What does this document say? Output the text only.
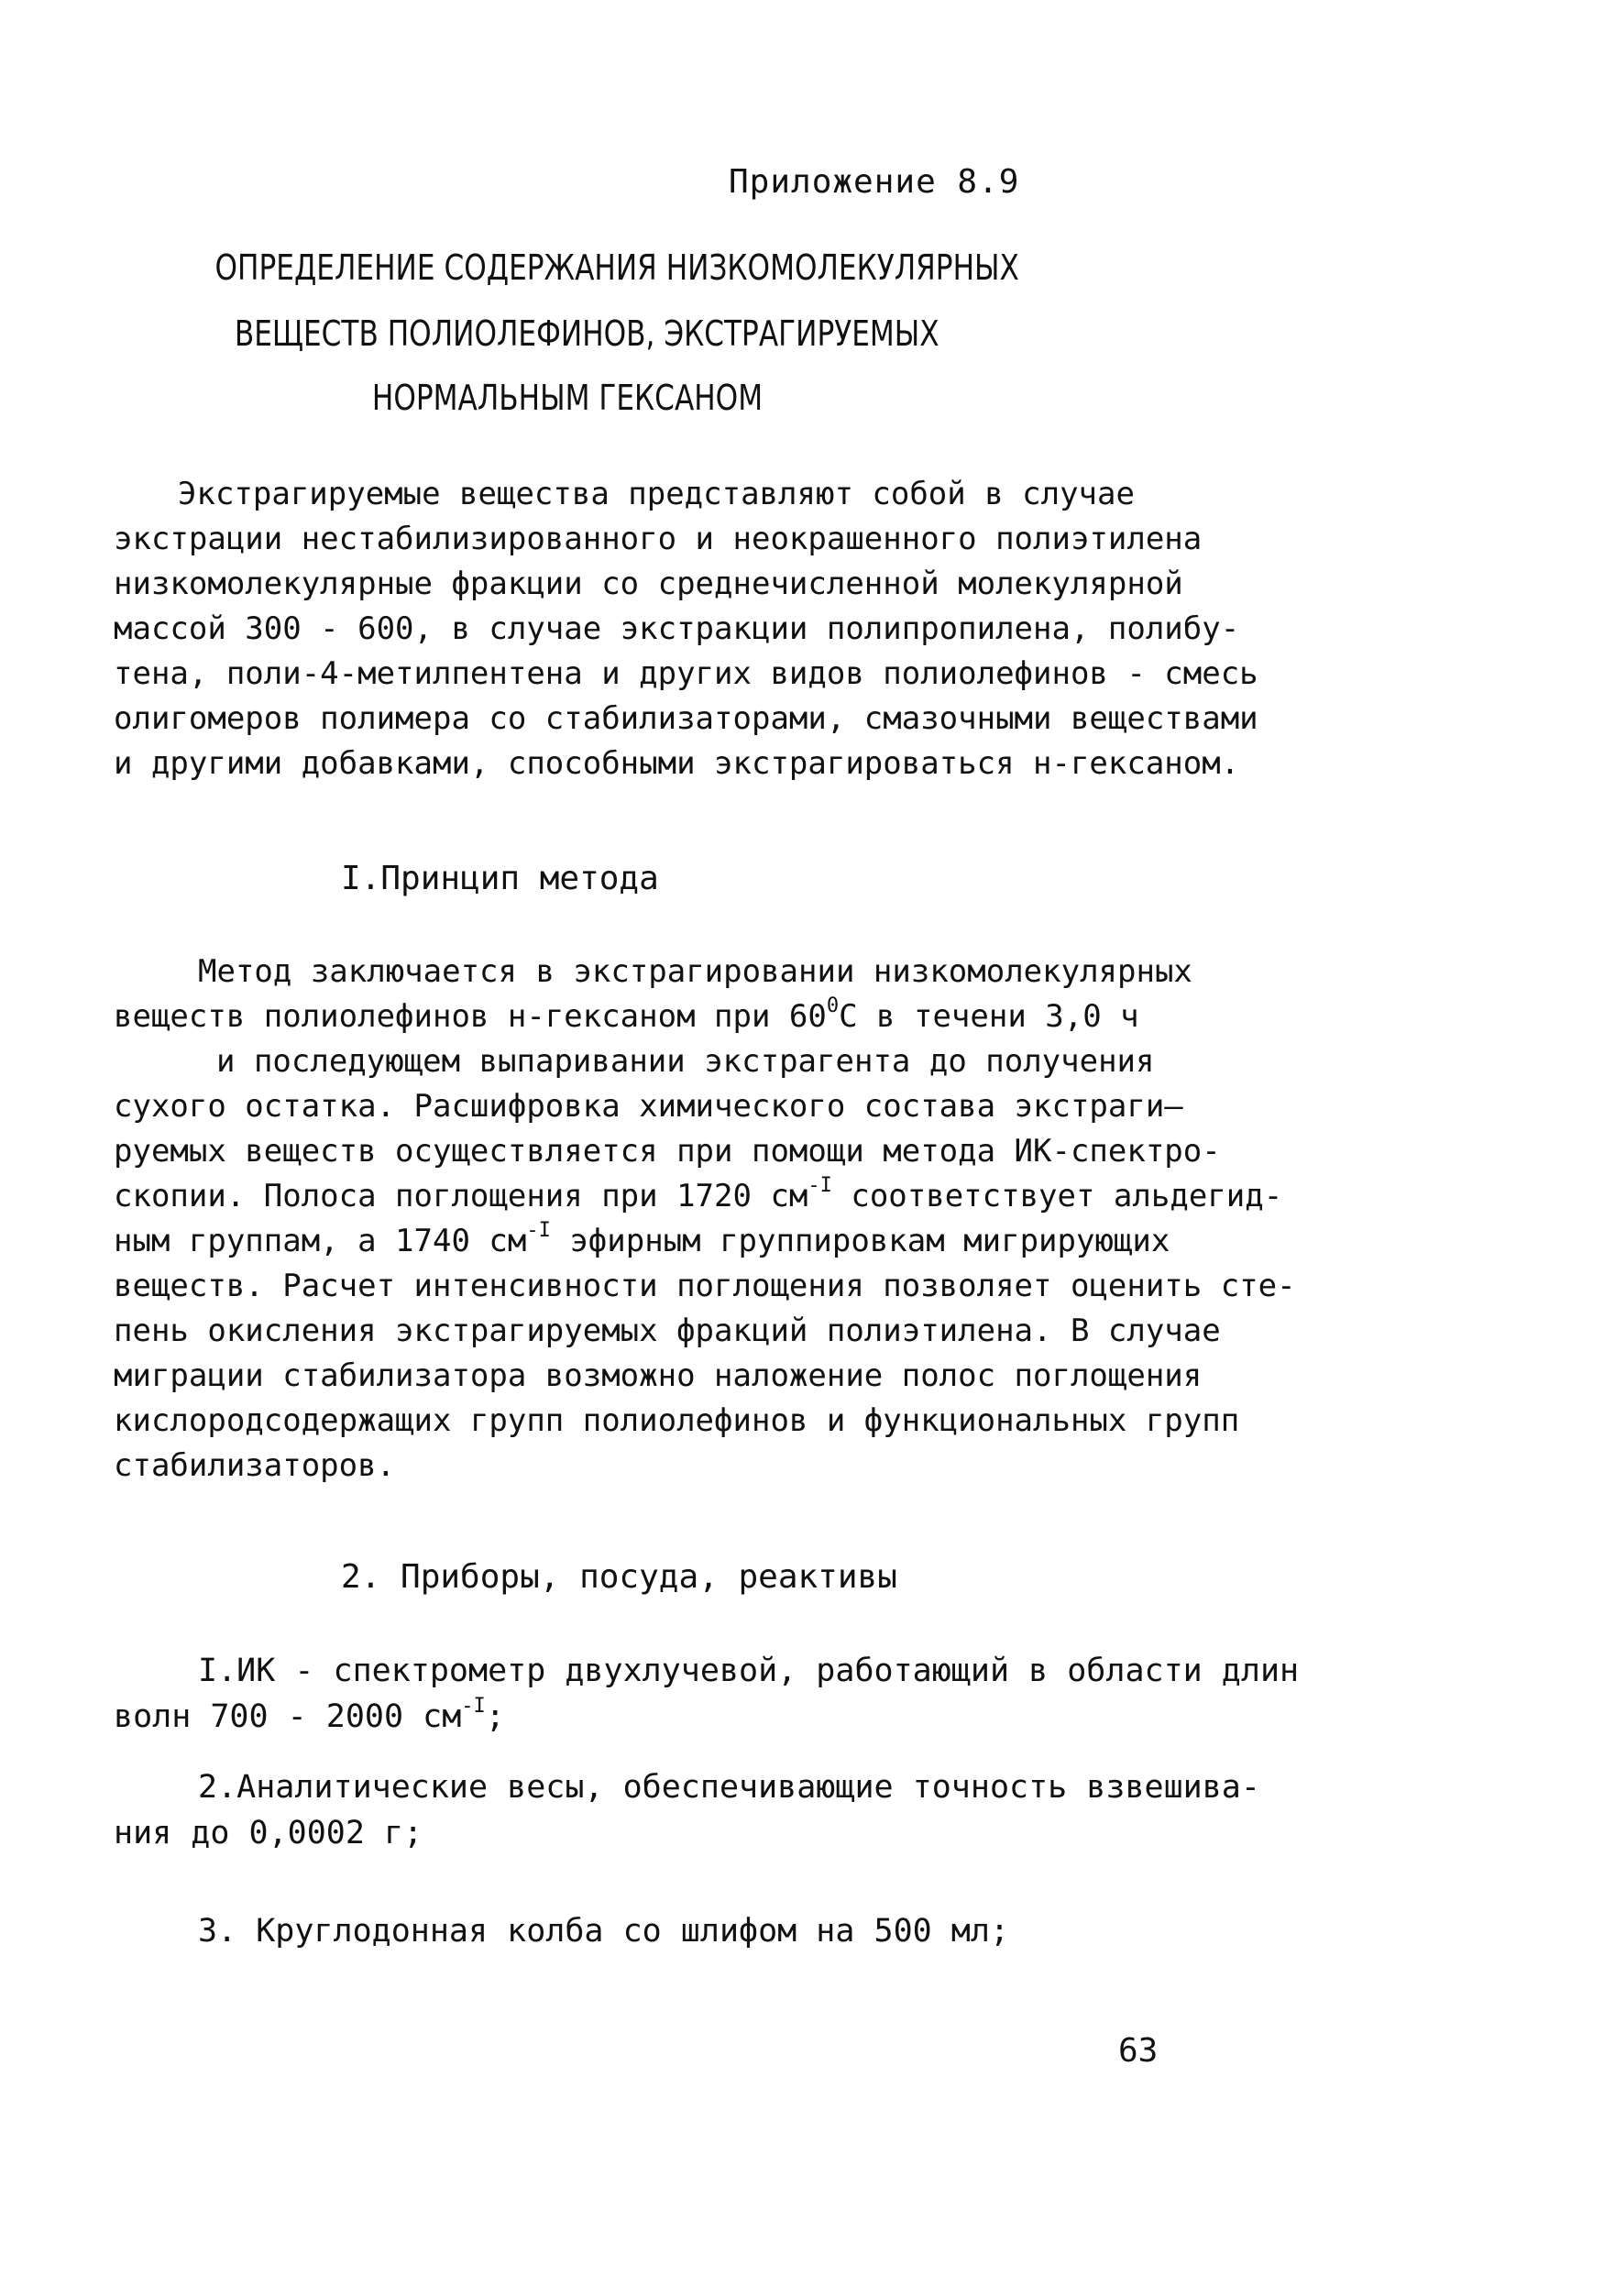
Приложение 8.9
ОПРЕДЕЛЕНИЕ СОДЕРЖАНИЯ НИЗКОМОЛЕКУЛЯРНЫХ
ВЕЩЕСТВ ПОЛИОЛЕФИНОВ, ЭКСТРАГИРУЕМЫХ
НОРМАЛЬНЫМ ГЕКСАНОМ
Экстрагируемые вещества представляют собой в случае
экстрации нестабилизированного и неокрашенного полиэтилена
низкомолекулярные фракции со среднечисленной молекулярной
массой 300 - 600, в случае экстракции полипропилена, полибу-
тена, поли-4-метилпентена и других видов полиолефинов - смесь
олигомеров полимера со стабилизаторами, смазочными веществами
и другими добавками, способными экстрагироваться н-гексаном.
I.Принцип метода
Метод заключается в экстрагировании низкомолекулярных
веществ полиолефинов н-гексаном при $60^0С$ в течени 3,0 ч
и последующем выпаривании экстрагента до получения
сухого остатка. Расшифровка химического состава экстраги—
руемых веществ осуществляется при помощи метода ИК-спектро-
скопии. Полоса поглощения при 1720 $см^{-I}$ соответствует альдегид-
ным группам, а 1740 $см^{-I}$ эфирным группировкам мигрирующих
веществ. Расчет интенсивности поглощения позволяет оценить сте-
пень окисления экстрагируемых фракций полиэтилена. В случае
миграции стабилизатора возможно наложение полос поглощения
кислородсодержащих групп полиолефинов и функциональных групп
стабилизаторов.
2. Приборы, посуда, реактивы
I.ИК - спектрометр двухлучевой, работающий в области длин
волн 700 - 2000 $см^{-I}$;
2.Аналитические весы, обеспечивающие точность взвешива-
ния до 0,0002 г;
3. Круглодонная колба со шлифом на 500 мл;
63
